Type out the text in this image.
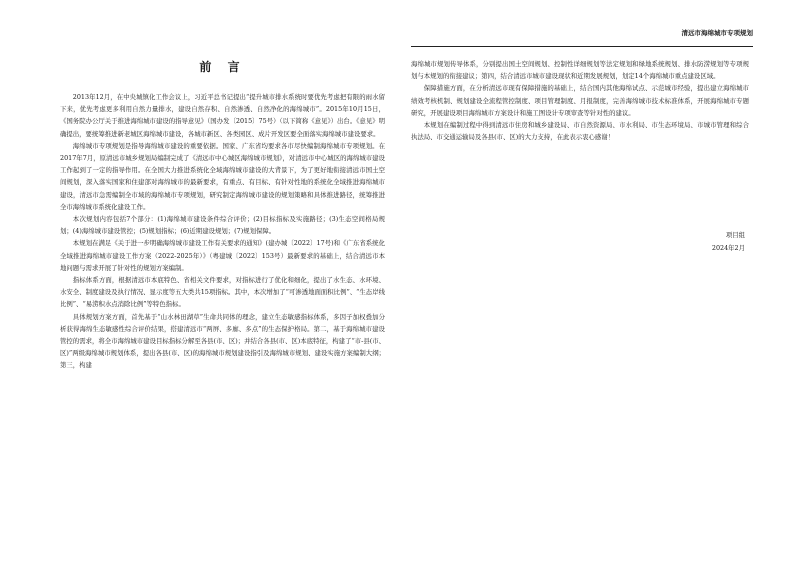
清远市海绵城市专项规划
前 言

2013年12月，在中央城镇化工作会议上，习近平总书记提出“提升城市排水系统时要优先考虑把有限的雨水留下来，优先考虑更多利用自然力量排水，建设自然存积、自然渗透、自然净化的海绵城市”。2015年10月15日，《国务院办公厅关于推进海绵城市建设的指导意见》（国办发〔2015〕75号）（以下简称《意见》）出台。《意见》明确提出，要统筹推进新老城区海绵城市建设，各城市新区、各类园区、成片开发区要全面落实海绵城市建设要求。

海绵城市专项规划是指导海绵城市建设的重要依据。国家、广东省均要求各市尽快编制海绵城市专项规划。在2017年7月，原清远市城乡规划局编制完成了《清远市中心城区海绵城市规划》，对清远市中心城区的海绵城市建设工作起到了一定的指导作用。在全国大力推进系统化全域海绵城市建设的大背景下，为了更好地衔接清远市国土空间规划，深入落实国家和住建部对海绵城市的最新要求，有重点、有目标、有针对性地的系统化全域推进海绵城市建设，清远市急需编制全市域的海绵城市专项规划，研究制定海绵城市建设的规划策略和具体推进路径，统筹推进全市海绵城市系统化建设工作。

本次规划内容包括7个部分：(1)海绵城市建设条件综合评价；(2)目标指标及实施路径；(3)生态空间格局规划；(4)海绵城市建设管控；(5)规划指标；(6)近期建设规划；(7)规划保障。

本规划在满足《关于进一步明确海绵城市建设工作有关要求的通知》(建办城〔2022〕17号)和《广东省系统化全域推进海绵城市建设工作方案（2022-2025年）》（粤建城〔2022〕153号）最新要求的基础上，结合清远市本地问题与需求开展了针对性的规划方案编制。

指标体系方面，根据清远市本底特色、省相关文件要求，对指标进行了优化和细化，提出了水生态、水环境、水安全、制度建设及执行情况、显示度等五大类共15项指标。其中，本次增加了“可渗透地面面积比例”、“生态岸线比例”、“易涝积水点消除比例”等特色指标。

具体规划方案方面，首先基于“山水林田湖草”生命共同体的理念，建立生态敏感指标体系，多因子加权叠加分析获得海绵生态敏感性综合评价结果，搭建清远市“两屏、多廊、多点”的生态保护格局。第二，基于海绵城市建设管控的需求，将全市海绵城市建设目标指标分解至各县(市、区)；并结合各县(市、区)本底特征，构建了“市-县(市、区)”两级海绵城市规划体系，提出各县(市、区)的海绵城市规划建设指引及海绵城市规划、建设实施方案编制大纲；第三，构建

海绵城市规划传导体系，分别提出国土空间规划、控制性详细规划等法定规划和绿地系统规划、排水防涝规划等专项规划与本规划的衔接建议；第四，结合清远市城市建设现状和近期发展规划，划定14个海绵城市重点建设区域。

保障措施方面，在分析清远市现有保障措施的基础上，结合国内其他海绵试点、示范城市经验，提出建立海绵城市绩效考核机制、规划建设全流程管控制度、项目管理制度、月报制度，完善海绵城市技术标准体系，开展海绵城市专题研究，开展建设项目海绵城市方案设计和施工图设计专项审查等针对性的建议。

本规划在编制过程中得到清远市住房和城乡建设局、市自然资源局、市水利局、市生态环境局、市城市管理和综合执法局、市交通运输局及各县(市、区)的大力支持，在此表示衷心感谢！

项目组
2024年2月
